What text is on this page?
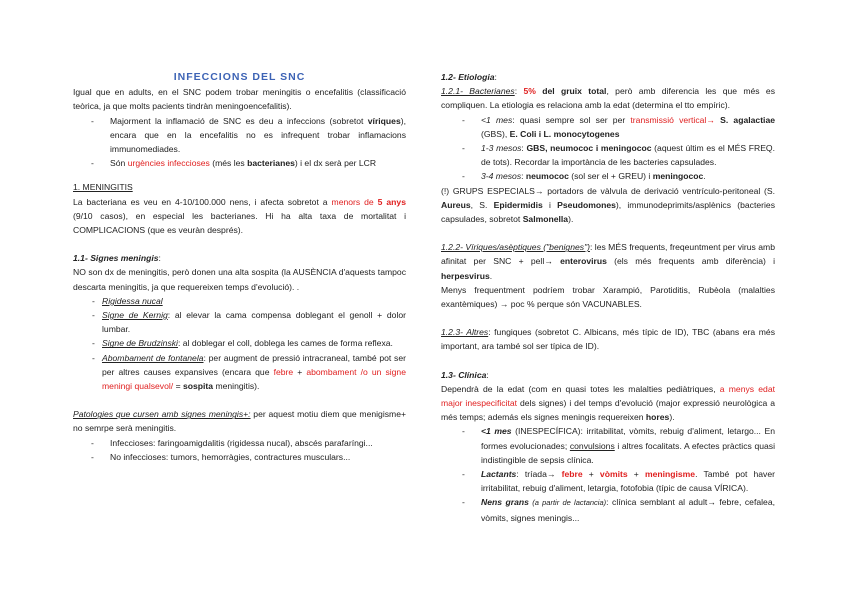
INFECCIONS DEL SNC

Igual que en adults, en el SNC podem trobar meningitis o encefalitis (classificació teòrica, ja que molts pacients tindràn meningoencefalitis).

- Majorment la inflamació de SNC es deu a infeccions (sobretot víriques), encara que en la encefalitis no es infrequent trobar inflamacions immunomediades.
- Són urgències infeccioses (més les bacterianes) i el dx serà per LCR

1. MENINGITIS

La bacteriana es veu en 4-10/100.000 nens, i afecta sobretot a menors de 5 anys (9/10 casos), en especial les bacterianes. Hi ha alta taxa de mortalitat i COMPLICACIONS (que es veuràn després).

1.1- Signes meningis:

NO son dx de meningitis, però donen una alta sospita (la AUSÈNCIA d'aquests tampoc descarta meningitis, ja que requereixen temps d'evolució). .

- Rigidessa nucal
- Signe de Kernig: al elevar la cama compensa doblegant el genoll + dolor lumbar.
- Signe de Brudzinski: al doblegar el coll, doblega les cames de forma reflexa.
- Abombament de fontanela: per augment de pressió intracraneal, també pot ser per altres causes expansives (encara que febre + abombament /o un signe meningi qualsevol/ = sospita meningitis).

Patologies que cursen amb signes meningis+: per aquest motiu diem que menigisme+ no semrpe serà meningitis.

- Infeccioses: faringoamigdalitis (rigidessa nucal), abscés parafaríngi...
- No infeccioses: tumors, hemorràgies, contractures musculars...

1.2- Etiologia:

1.2.1- Bacterianes: 5% del gruix total, però amb diferencia les que més es compliquen. La etiologia es relaciona amb la edat (determina el tto empíric).

- <1 mes: quasi sempre sol ser per transmissió vertical→ S. agalactiae (GBS), E. Coli i L. monocytogenes
- 1-3 mesos: GBS, neumococ i meningococ (aquest últim es el MÉS FREQ. de tots). Recordar la importància de les bacteries capsulades.
- 3-4 mesos: neumococ (sol ser el + GREU) i meningococ.

(!) GRUPS ESPECIALS→ portadors de vàlvula de derivació ventrículo-peritoneal (S. Aureus, S. Epidermidis i Pseudomones), immunodeprimits/asplènics (bacteries capsulades, sobretot Salmonella).

1.2.2- Víriques/asèptiques ("benignes"): les MÉS frequents, freqeuntment per virus amb afinitat per SNC + pell→ enterovirus (els més frequents amb diferència) i herpesvirus.

Menys frequentment podríem trobar Xarampió, Parotiditis, Rubèola (malalties exantèmiques) → poc % perque són VACUNABLES.

1.2.3- Altres: fungiques (sobretot C. Albicans, més típic de ID), TBC (abans era més important, ara també sol ser típica de ID).

1.3- Clínica:

Dependrà de la edat (com en quasi totes les malalties pediàtriques, a menys edat major inespecificitat dels signes) i del temps d'evolució (major expressió neurològica a més temps; además els signes meningis requereixen hores).

- <1 mes (INESPECÍFICA): irritabilitat, vòmits, rebuig d'aliment, letargo... En formes evolucionades; convulsions i altres focalitats. A efectes pràctics quasi indistingible de sepsis clínica.
- Lactants: tríada→ febre + vòmits + meningisme. També pot haver irritabilitat, rebuig d'aliment, letargia, fotofobia (típic de causa VÍRICA).
- Nens grans (a partir de lactancia): clínica semblant al adult→ febre, cefalea, vòmits, signes meningis...
